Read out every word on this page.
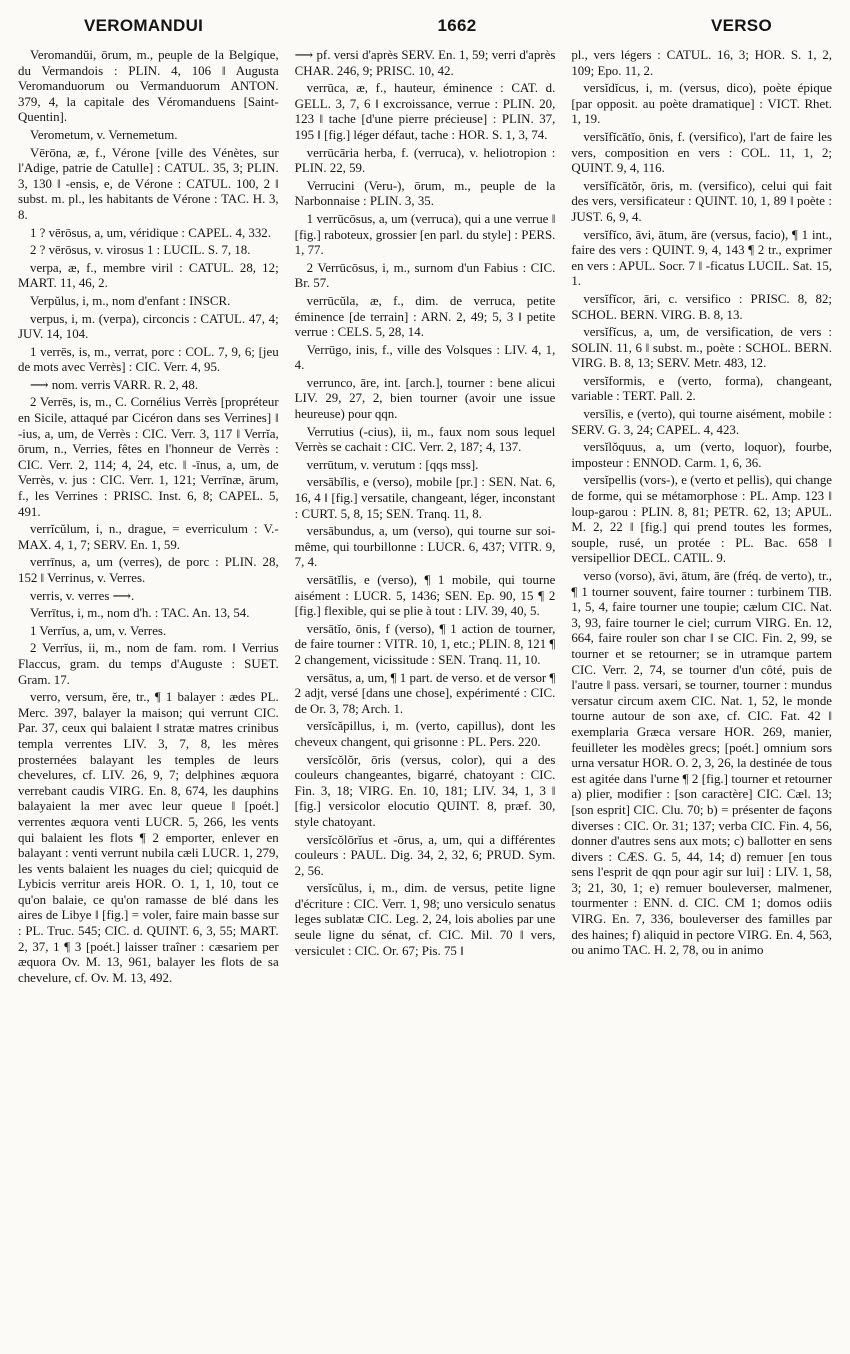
VEROMANDUI	1662	VERSO

Veromandŭi, ōrum, m., peuple de la Belgique, du Vermandois : PLIN. 4, 106 ‖ Augusta Veromanduorum ou Vermanduorum ANTON. 379, 4, la capitale des Véromanduens [Saint-Quentin].

Verometum, v. Vernemetum.

Vērōna, æ, f., Vérone [ville des Vénètes, sur l'Adige, patrie de Catulle] : CATUL. 35, 3; PLIN. 3, 130 ‖ -ensis, e, de Vérone : CATUL. 100, 2 ‖ subst. m. pl., les habitants de Vérone : TAC. H. 3, 8.

1 ? vērōsus, a, um, véridique : CAPEL. 4, 332.

2 ? vērōsus, v. virosus 1 : LUCIL. S. 7, 18.

verpa, æ, f., membre viril : CATUL. 28, 12; MART. 11, 46, 2.

Verpŭlus, i, m., nom d'enfant : INSCR.

verpus, i, m. (verpa), circoncis : CATUL. 47, 4; JUV. 14, 104.

1 verrēs, is, m., verrat, porc : COL. 7, 9, 6; [jeu de mots avec Verrès] : CIC. Verr. 4, 95.

⟶ nom. verris VARR. R. 2, 48.

2 Verrēs, is, m., C. Cornélius Verrès [propréteur en Sicile, attaqué par Cicéron dans ses Verrines] ‖ -ius, a, um, de Verrès : CIC. Verr. 3, 117 ‖ Verrĭa, ōrum, n., Verries, fêtes en l'honneur de Verrès : CIC. Verr. 2, 114; 4, 24, etc. ‖ -īnus, a, um, de Verrès, v. jus : CIC. Verr. 1, 121; Verrīnæ, ārum, f., les Verrines : PRISC. Inst. 6, 8; CAPEL. 5, 491.

verrĭcŭlum, i, n., drague, = everriculum : V.-MAX. 4, 1, 7; SERV. En. 1, 59.

verrīnus, a, um (verres), de porc : PLIN. 28, 152 ‖ Verrinus, v. Verres.

verris, v. verres ⟶.

Verrītus, i, m., nom d'h. : TAC. An. 13, 54.

1 Verrĭus, a, um, v. Verres.

2 Verrĭus, ii, m., nom de fam. rom. ‖ Verrius Flaccus, gram. du temps d'Auguste : SUET. Gram. 17.

verro, versum, ĕre, tr., ¶ 1 balayer : ædes PL. Merc. 397, balayer la maison; qui verrunt CIC. Par. 37, ceux qui balaient ‖ stratæ matres crinibus templa verrentes LIV. 3, 7, 8, les mères prosternées balayant les temples de leurs chevelures, cf. LIV. 26, 9, 7; delphines æquora verrebant caudis VIRG. En. 8, 674, les dauphins balayaient la mer avec leur queue ‖ [poét.] verrentes æquora venti LUCR. 5, 266, les vents qui balaient les flots ¶ 2 emporter, enlever en balayant : venti verrunt nubila cæli LUCR. 1, 279, les vents balaient les nuages du ciel; quicquid de Lybicis verritur areis HOR. O. 1, 1, 10, tout ce qu'on balaie, ce qu'on ramasse de blé dans les aires de Libye ‖ [fig.] = voler, faire main basse sur : PL. Truc. 545; CIC. d. QUINT. 6, 3, 55; MART. 2, 37, 1 ¶ 3 [poét.] laisser traîner : cæsariem per æquora Ov. M. 13, 961, balayer les flots de sa chevelure, cf. Ov. M. 13, 492.

⟶ pf. versi d'après SERV. En. 1, 59; verri d'après CHAR. 246, 9; PRISC. 10, 42.

verrūca, æ, f., hauteur, éminence : CAT. d. GELL. 3, 7, 6 ‖ excroissance, verrue : PLIN. 20, 123 ‖ tache [d'une pierre précieuse] : PLIN. 37, 195 ‖ [fig.] léger défaut, tache : HOR. S. 1, 3, 74.

verrūcāria herba, f. (verruca), v. heliotropion : PLIN. 22, 59.

Verrucini (Veru-), ōrum, m., peuple de la Narbonnaise : PLIN. 3, 35.

1 verrūcōsus, a, um (verruca), qui a une verrue ‖ [fig.] raboteux, grossier [en parl. du style] : PERS. 1, 77.

2 Verrūcōsus, i, m., surnom d'un Fabius : CIC. Br. 57.

verrūcŭla, æ, f., dim. de verruca, petite éminence [de terrain] : ARN. 2, 49; 5, 3 ‖ petite verrue : CELS. 5, 28, 14.

Verrūgo, inis, f., ville des Volsques : LIV. 4, 1, 4.

verrunco, āre, int. [arch.], tourner : bene alicui LIV. 29, 27, 2, bien tourner (avoir une issue heureuse) pour qqn.

Verrutius (-cius), ii, m., faux nom sous lequel Verrès se cachait : CIC. Verr. 2, 187; 4, 137.

verrūtum, v. verutum : [qqs mss].

versābĭlis, e (verso), mobile [pr.] : SEN. Nat. 6, 16, 4 ‖ [fig.] versatile, changeant, léger, inconstant : CURT. 5, 8, 15; SEN. Tranq. 11, 8.

versābundus, a, um (verso), qui tourne sur soi-même, qui tourbillonne : LUCR. 6, 437; VITR. 9, 7, 4.

versātĭlis, e (verso), ¶ 1 mobile, qui tourne aisément : LUCR. 5, 1436; SEN. Ep. 90, 15 ¶ 2 [fig.] flexible, qui se plie à tout : LIV. 39, 40, 5.

versātĭo, ōnis, f (verso), ¶ 1 action de tourner, de faire tourner : VITR. 10, 1, etc.; PLIN. 8, 121 ¶ 2 changement, vicissitude : SEN. Tranq. 11, 10.

versātus, a, um, ¶ 1 part. de verso. et de versor ¶ 2 adjt, versé [dans une chose], expérimenté : CIC. de Or. 3, 78; Arch. 1.

versĭcăpillus, i, m. (verto, capillus), dont les cheveux changent, qui grisonne : PL. Pers. 220.

versĭcŏlŏr, ōris (versus, color), qui a des couleurs changeantes, bigarré, chatoyant : CIC. Fin. 3, 18; VIRG. En. 10, 181; LIV. 34, 1, 3 ‖ [fig.] versicolor elocutio QUINT. 8, præf. 30, style chatoyant.

versĭcŏlōrĭus et -ōrus, a, um, qui a différentes couleurs : PAUL. Dig. 34, 2, 32, 6; PRUD. Sym. 2, 56.

versĭcŭlus, i, m., dim. de versus, petite ligne d'écriture : CIC. Verr. 1, 98; uno versiculo senatus leges sublatæ CIC. Leg. 2, 24, lois abolies par une seule ligne du sénat, cf. CIC. Mil. 70 ‖ vers, versiculet : CIC. Or. 67; Pis. 75 ‖

pl., vers légers : CATUL. 16, 3; HOR. S. 1, 2, 109; Epo. 11, 2.

versĭdĭcus, i, m. (versus, dico), poète épique [par opposit. au poète dramatique] : VICT. Rhet. 1, 19.

versĭfĭcātĭo, ōnis, f. (versifico), l'art de faire les vers, composition en vers : COL. 11, 1, 2; QUINT. 9, 4, 116.

versĭfĭcātŏr, ōris, m. (versifico), celui qui fait des vers, versificateur : QUINT. 10, 1, 89 ‖ poète : JUST. 6, 9, 4.

versĭfĭco, āvi, ātum, āre (versus, facio), ¶ 1 int., faire des vers : QUINT. 9, 4, 143 ¶ 2 tr., exprimer en vers : APUL. Socr. 7 ‖ -ficatus LUCIL. Sat. 15, 1.

versĭfĭcor, āri, c. versifico : PRISC. 8, 82; SCHOL. BERN. VIRG. B. 8, 13.

versĭfĭcus, a, um, de versification, de vers : SOLIN. 11, 6 ‖ subst. m., poète : SCHOL. BERN. VIRG. B. 8, 13; SERV. Metr. 483, 12.

versĭformis, e (verto, forma), changeant, variable : TERT. Pall. 2.

versĭlis, e (verto), qui tourne aisément, mobile : SERV. G. 3, 24; CAPEL. 4, 423.

versĭlŏquus, a, um (verto, loquor), fourbe, imposteur : ENNOD. Carm. 1, 6, 36.

versĭpellis (vors-), e (verto et pellis), qui change de forme, qui se métamorphose : PL. Amp. 123 ‖ loup-garou : PLIN. 8, 81; PETR. 62, 13; APUL. M. 2, 22 ‖ [fig.] qui prend toutes les formes, souple, rusé, un protée : PL. Bac. 658 ‖ versipellior DECL. CATIL. 9.

verso (vorso), āvi, ātum, āre (fréq. de verto), tr., ¶ 1 tourner souvent, faire tourner : turbinem TIB. 1, 5, 4, faire tourner une toupie; cælum CIC. Nat. 3, 93, faire tourner le ciel; currum VIRG. En. 12, 664, faire rouler son char ‖ se CIC. Fin. 2, 99, se tourner et se retourner; se in utramque partem CIC. Verr. 2, 74, se tourner d'un côté, puis de l'autre ‖ pass. versari, se tourner, tourner : mundus versatur circum axem CIC. Nat. 1, 52, le monde tourne autour de son axe, cf. CIC. Fat. 42 ‖ exemplaria Græca versare HOR. 269, manier, feuilleter les modèles grecs; [poét.] omnium sors urna versatur HOR. O. 2, 3, 26, la destinée de tous est agitée dans l'urne ¶ 2 [fig.] tourner et retourner a) plier, modifier : [son caractère] CIC. Cæl. 13; [son esprit] CIC. Clu. 70; b) = présenter de façons diverses : CIC. Or. 31; 137; verba CIC. Fin. 4, 56, donner d'autres sens aux mots; c) ballotter en sens divers : CÆS. G. 5, 44, 14; d) remuer [en tous sens l'esprit de qqn pour agir sur lui] : LIV. 1, 58, 3; 21, 30, 1; e) remuer bouleverser, malmener, tourmenter : ENN. d. CIC. CM 1; domos odiis VIRG. En. 7, 336, bouleverser des familles par des haines; f) aliquid in pectore VIRG. En. 4, 563, ou animo TAC. H. 2, 78, ou in animo
